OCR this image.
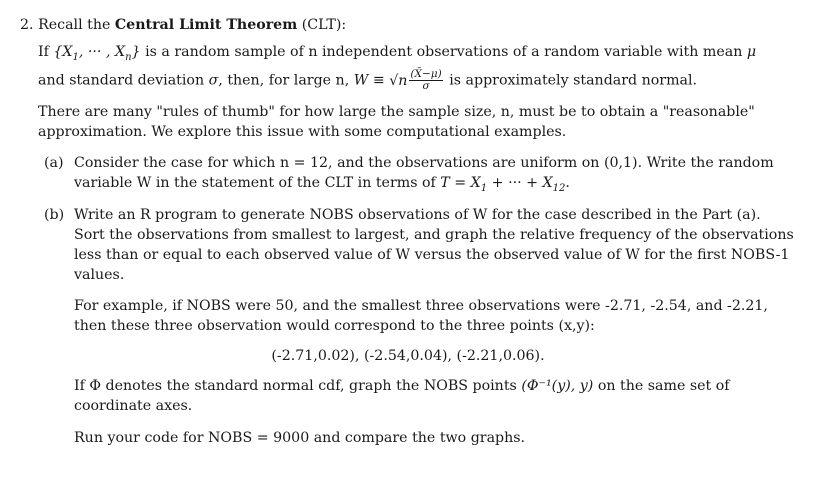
2. Recall the Central Limit Theorem (CLT):
If {$X_1$, ··· , $X_n$} is a random sample of n independent observations of a random variable with mean μ
and standard deviation σ, then, for large n, $W \equiv √n \frac{(X̄-\mu)}{\sigma}$ is approximately standard normal.
There are many "rules of thumb" for how large the sample size, n, must be to obtain a "reasonable"
approximation. We explore this issue with some computational examples.
(a) Consider the case for which n = 12, and the observations are uniform on (0,1). Write the random
variable W in the statement of the CLT in terms of $T = X_1$ + ··· + $X_{12}$.
(b) Write an R program to generate NOBS observations of W for the case described in the Part (a).
Sort the observations from smallest to largest, and graph the relative frequency of the observations
less than or equal to each observed value of W versus the observed value of W for the first NOBS-1
values.
For example, if NOBS were 50, and the smallest three observations were -2.71, -2.54, and -2.21,
then these three observation would correspond to the three points (x,y):
(-2.71,0.02), (-2.54,0.04), (-2.21,0.06).
If Φ denotes the standard normal cdf, graph the NOBS points (Φ⁻¹(y), y) on the same set of
coordinate axes.
Run your code for NOBS = 9000 and compare the two graphs.
